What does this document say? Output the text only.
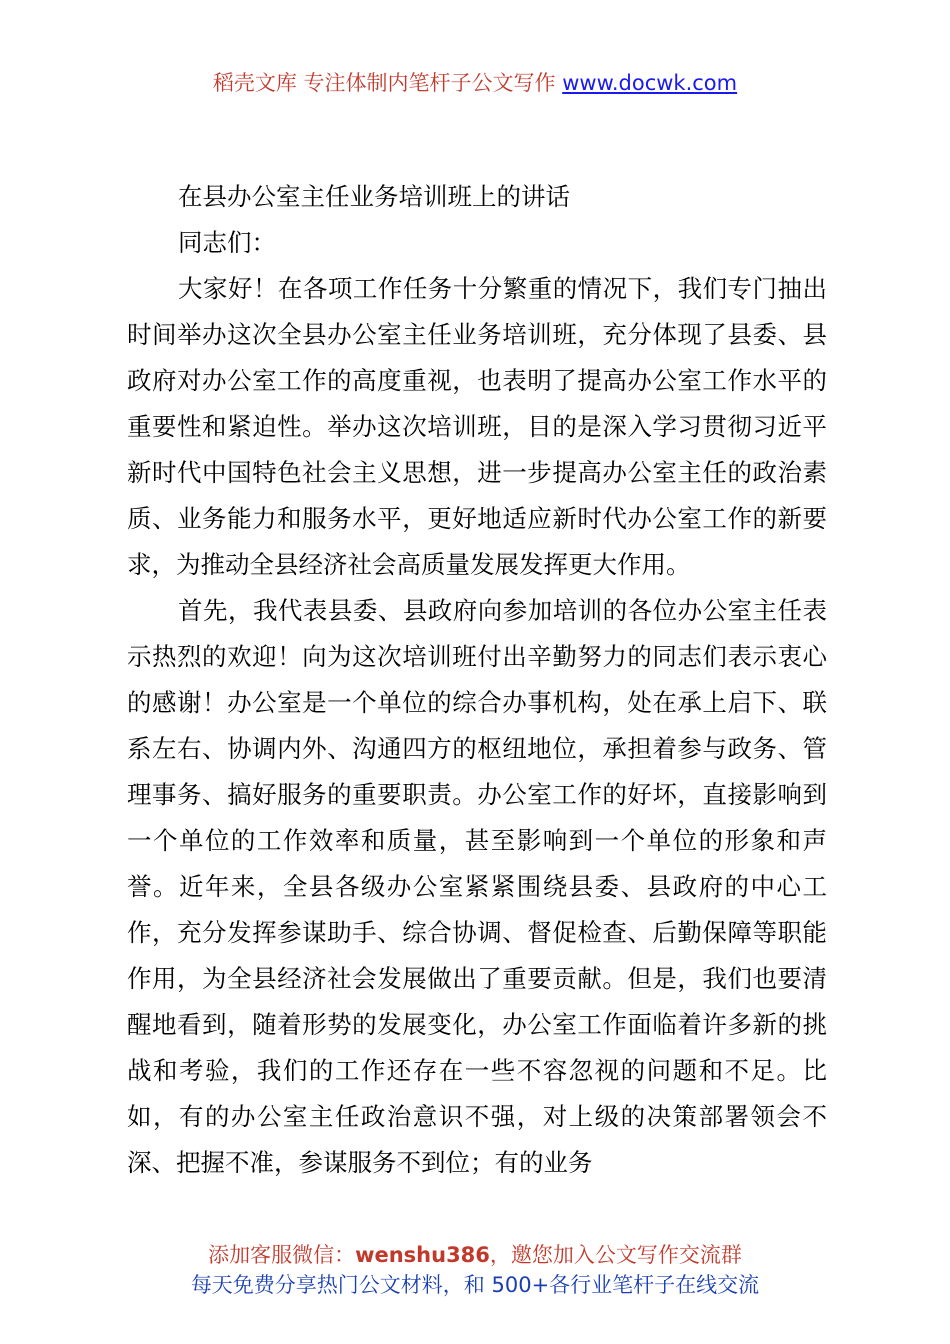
稻壳文库 专注体制内笔杆子公文写作 www.docwk.com

在县办公室主任业务培训班上的讲话

同志们：

大家好！在各项工作任务十分繁重的情况下，我们专门抽出时间举办这次全县办公室主任业务培训班，充分体现了县委、县政府对办公室工作的高度重视，也表明了提高办公室工作水平的重要性和紧迫性。举办这次培训班，目的是深入学习贯彻习近平新时代中国特色社会主义思想，进一步提高办公室主任的政治素质、业务能力和服务水平，更好地适应新时代办公室工作的新要求，为推动全县经济社会高质量发展发挥更大作用。

首先，我代表县委、县政府向参加培训的各位办公室主任表示热烈的欢迎！向为这次培训班付出辛勤努力的同志们表示衷心的感谢！办公室是一个单位的综合办事机构，处在承上启下、联系左右、协调内外、沟通四方的枢纽地位，承担着参与政务、管理事务、搞好服务的重要职责。办公室工作的好坏，直接影响到一个单位的工作效率和质量，甚至影响到一个单位的形象和声誉。近年来，全县各级办公室紧紧围绕县委、县政府的中心工作，充分发挥参谋助手、综合协调、督促检查、后勤保障等职能作用，为全县经济社会发展做出了重要贡献。但是，我们也要清醒地看到，随着形势的发展变化，办公室工作面临着许多新的挑战和考验，我们的工作还存在一些不容忽视的问题和不足。比如，有的办公室主任政治意识不强，对上级的决策部署领会不深、把握不准，参谋服务不到位；有的业务

添加客服微信：wenshu386，邀您加入公文写作交流群
每天免费分享热门公文材料，和 500+各行业笔杆子在线交流
